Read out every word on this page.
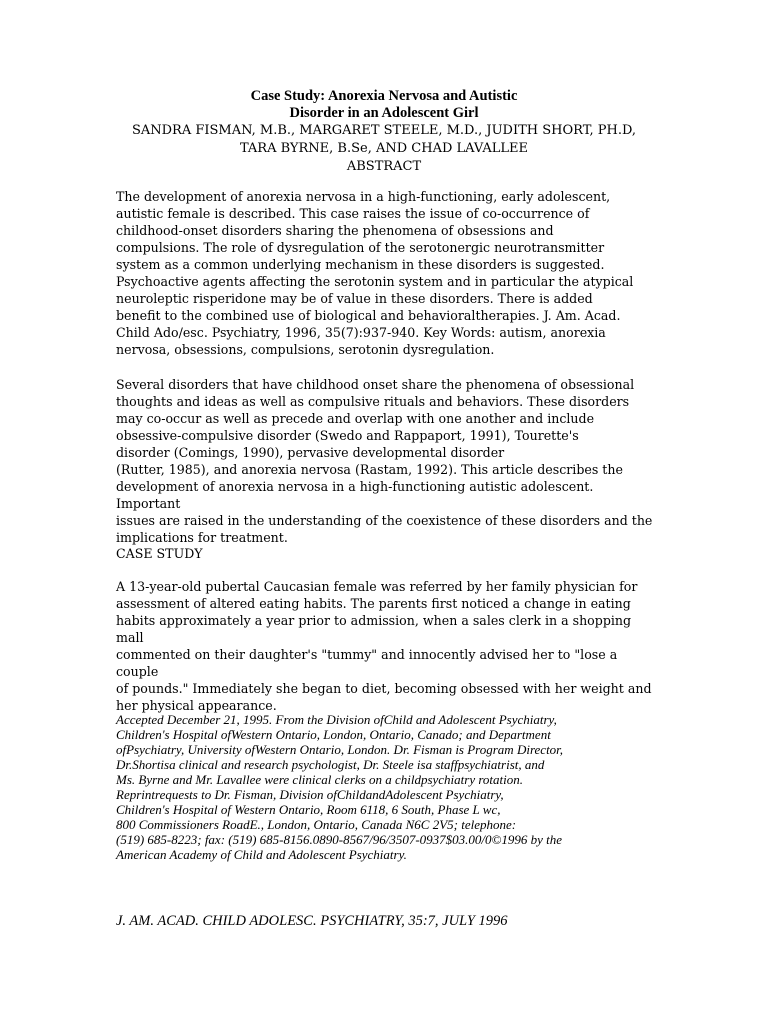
Case Study: Anorexia Nervosa and Autistic
Disorder in an Adolescent Girl
SANDRA FISMAN, M.B., MARGARET STEELE, M.D., JUDITH SHORT, PH.D,
TARA BYRNE, B.Se, AND CHAD LAVALLEE
ABSTRACT

The development of anorexia nervosa in a high-functioning, early adolescent,
autistic female is described. This case raises the issue of co-occurrence of
childhood-onset disorders sharing the phenomena of obsessions and
compulsions. The role of dysregulation of the serotonergic neurotransmitter
system as a common underlying mechanism in these disorders is suggested.
Psychoactive agents affecting the serotonin system and in particular the atypical
neuroleptic risperidone may be of value in these disorders. There is added
benefit to the combined use of biological and behavioraltherapies. J. Am. Acad.
Child Ado/esc. Psychiatry, 1996, 35(7):937-940. Key Words: autism, anorexia
nervosa, obsessions, compulsions, serotonin dysregulation.

Several disorders that have childhood onset share the phenomena of obsessional
thoughts and ideas as well as compulsive rituals and behaviors. These disorders
may co-occur as well as precede and overlap with one another and include
obsessive-compulsive disorder (Swedo and Rappaport, 1991), Tourette's
disorder (Comings, 1990), pervasive developmental disorder
(Rutter, 1985), and anorexia nervosa (Rastam, 1992). This article describes the
development of anorexia nervosa in a high-functioning autistic adolescent. Important
issues are raised in the understanding of the coexistence of these disorders and the
implications for treatment.

CASE STUDY

A 13-year-old pubertal Caucasian female was referred by her family physician for
assessment of altered eating habits. The parents first noticed a change in eating
habits approximately a year prior to admission, when a sales clerk in a shopping mall
commented on their daughter's "tummy" and innocently advised her to "lose a couple
of pounds." Immediately she began to diet, becoming obsessed with her weight and
her physical appearance.

Accepted December 21, 1995. From the Division ofChild and Adolescent Psychiatry,
Children's Hospital ofWestern Ontario, London, Ontario, Canado; and Department
ofPsychiatry, University ofWestern Ontario, London. Dr. Fisman is Program Director,
Dr.Shortisa clinical and research psychologist, Dr. Steele isa staffpsychiatrist, and
Ms. Byrne and Mr. Lavallee were clinical clerks on a childpsychiatry rotation.
Reprintrequests to Dr. Fisman, Division ofChildandAdolescent Psychiatry,
Children's Hospital of Western Ontario, Room 6118, 6 South, Phase L wc,
800 Commissioners RoadE., London, Ontario, Canada N6C 2V5; telephone:
(519) 685-8223; fax: (519) 685-8156.0890-8567/96/3507-0937$03.00/0©1996 by the
American Academy of Child and Adolescent Psychiatry.

J. AM. ACAD. CHILD ADOLESC. PSYCHIATRY, 35:7, JULY 1996
